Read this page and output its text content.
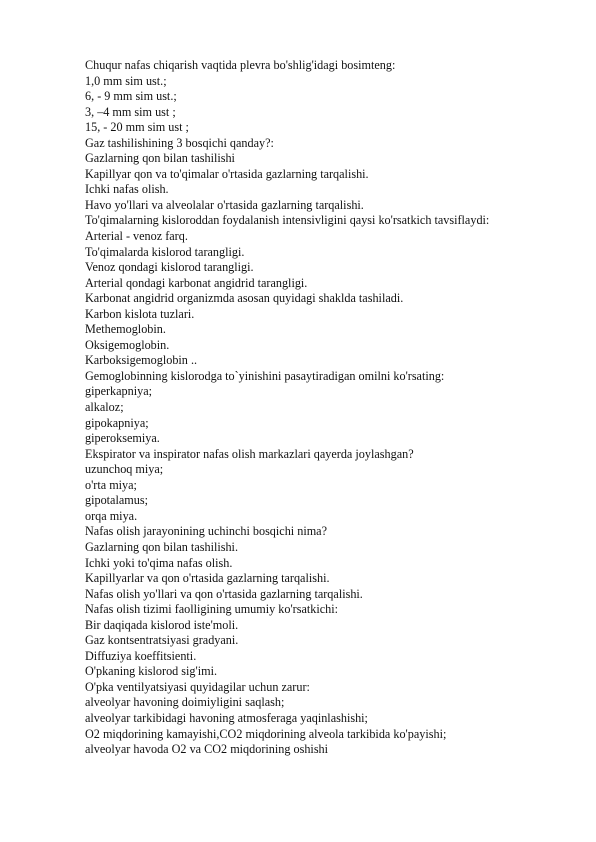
Chuqur nafas chiqarish vaqtida plevra bo'shlig'idagi bosimteng:
1,0 mm sim ust.;
6, - 9 mm sim ust.;
3, –4 mm sim ust ;
15, - 20 mm sim ust ;
Gaz tashilishining 3 bosqichi qanday?:
Gazlarning qon bilan tashilishi
Kapillyar qon va to'qimalar o'rtasida gazlarning tarqalishi.
Ichki nafas olish.
Havo yo'llari va alveolalar o'rtasida gazlarning tarqalishi.
To'qimalarning kisloroddan foydalanish intensivligini qaysi ko'rsatkich tavsiflaydi:
Arterial - venoz farq.
To'qimalarda kislorod tarangligi.
Venoz qondagi kislorod tarangligi.
Arterial qondagi karbonat angidrid tarangligi.
Karbonat angidrid organizmda asosan quyidagi shaklda tashiladi.
Karbon kislota tuzlari.
Methemoglobin.
Oksigemoglobin.
Karboksigemoglobin ..
Gemoglobinning kislorodga to`yinishini pasaytiradigan omilni ko'rsating:
giperkapniya;
alkaloz;
gipokapniya;
giperoksemiya.
Ekspirator va inspirator nafas olish markazlari qayerda joylashgan?
uzunchoq miya;
o'rta miya;
gipotalamus;
orqa miya.
Nafas olish jarayonining uchinchi bosqichi nima?
Gazlarning qon bilan tashilishi.
Ichki yoki to'qima nafas olish.
Kapillyarlar va qon o'rtasida gazlarning tarqalishi.
Nafas olish yo'llari va qon o'rtasida gazlarning tarqalishi.
Nafas olish tizimi faolligining umumiy ko'rsatkichi:
Bir daqiqada kislorod iste'moli.
Gaz kontsentratsiyasi gradyani.
Diffuziya koeffitsienti.
O'pkaning kislorod sig'imi.
O'pka ventilyatsiyasi quyidagilar uchun zarur:
alveolyar havoning doimiyligini saqlash;
alveolyar tarkibidagi havoning atmosferaga yaqinlashishi;
O2 miqdorining kamayishi,CO2 miqdorining alveola tarkibida ko'payishi;
alveolyar havoda O2 va CO2 miqdorining oshishi
